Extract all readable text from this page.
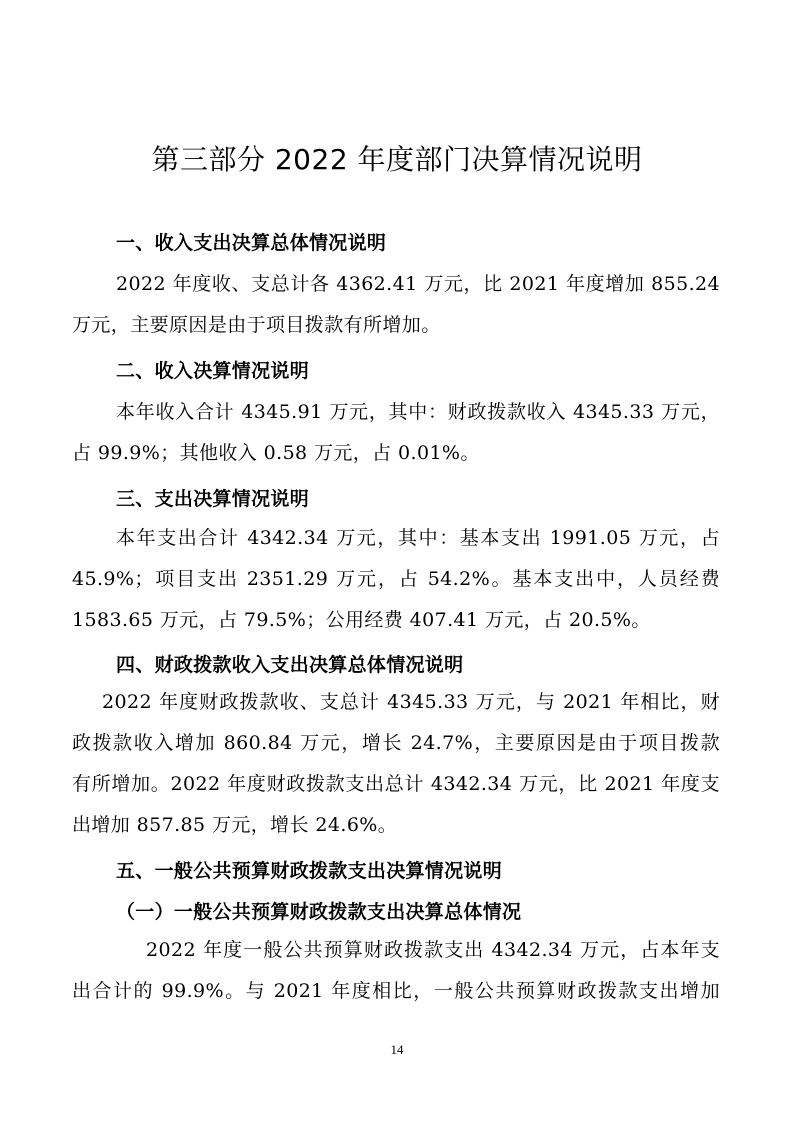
第三部分 2022 年度部门决算情况说明
一、收入支出决算总体情况说明
2022 年度收、支总计各 4362.41 万元，比 2021 年度增加 855.24
万元，主要原因是由于项目拨款有所增加。
二、收入决算情况说明
本年收入合计 4345.91 万元，其中：财政拨款收入 4345.33 万元，
占 99.9%；其他收入 0.58 万元，占 0.01%。
三、支出决算情况说明
本年支出合计 4342.34 万元，其中：基本支出 1991.05 万元，占
45.9%；项目支出 2351.29 万元，占 54.2%。基本支出中，人员经费
1583.65 万元，占 79.5%；公用经费 407.41 万元，占 20.5%。
四、财政拨款收入支出决算总体情况说明
2022 年度财政拨款收、支总计 4345.33 万元，与 2021 年相比，财
政拨款收入增加 860.84 万元，增长 24.7%，主要原因是由于项目拨款
有所增加。2022 年度财政拨款支出总计 4342.34 万元，比 2021 年度支
出增加 857.85 万元，增长 24.6%。
五、一般公共预算财政拨款支出决算情况说明
（一）一般公共预算财政拨款支出决算总体情况
2022 年度一般公共预算财政拨款支出 4342.34 万元，占本年支
出合计的 99.9%。与 2021 年度相比，一般公共预算财政拨款支出增加
14
